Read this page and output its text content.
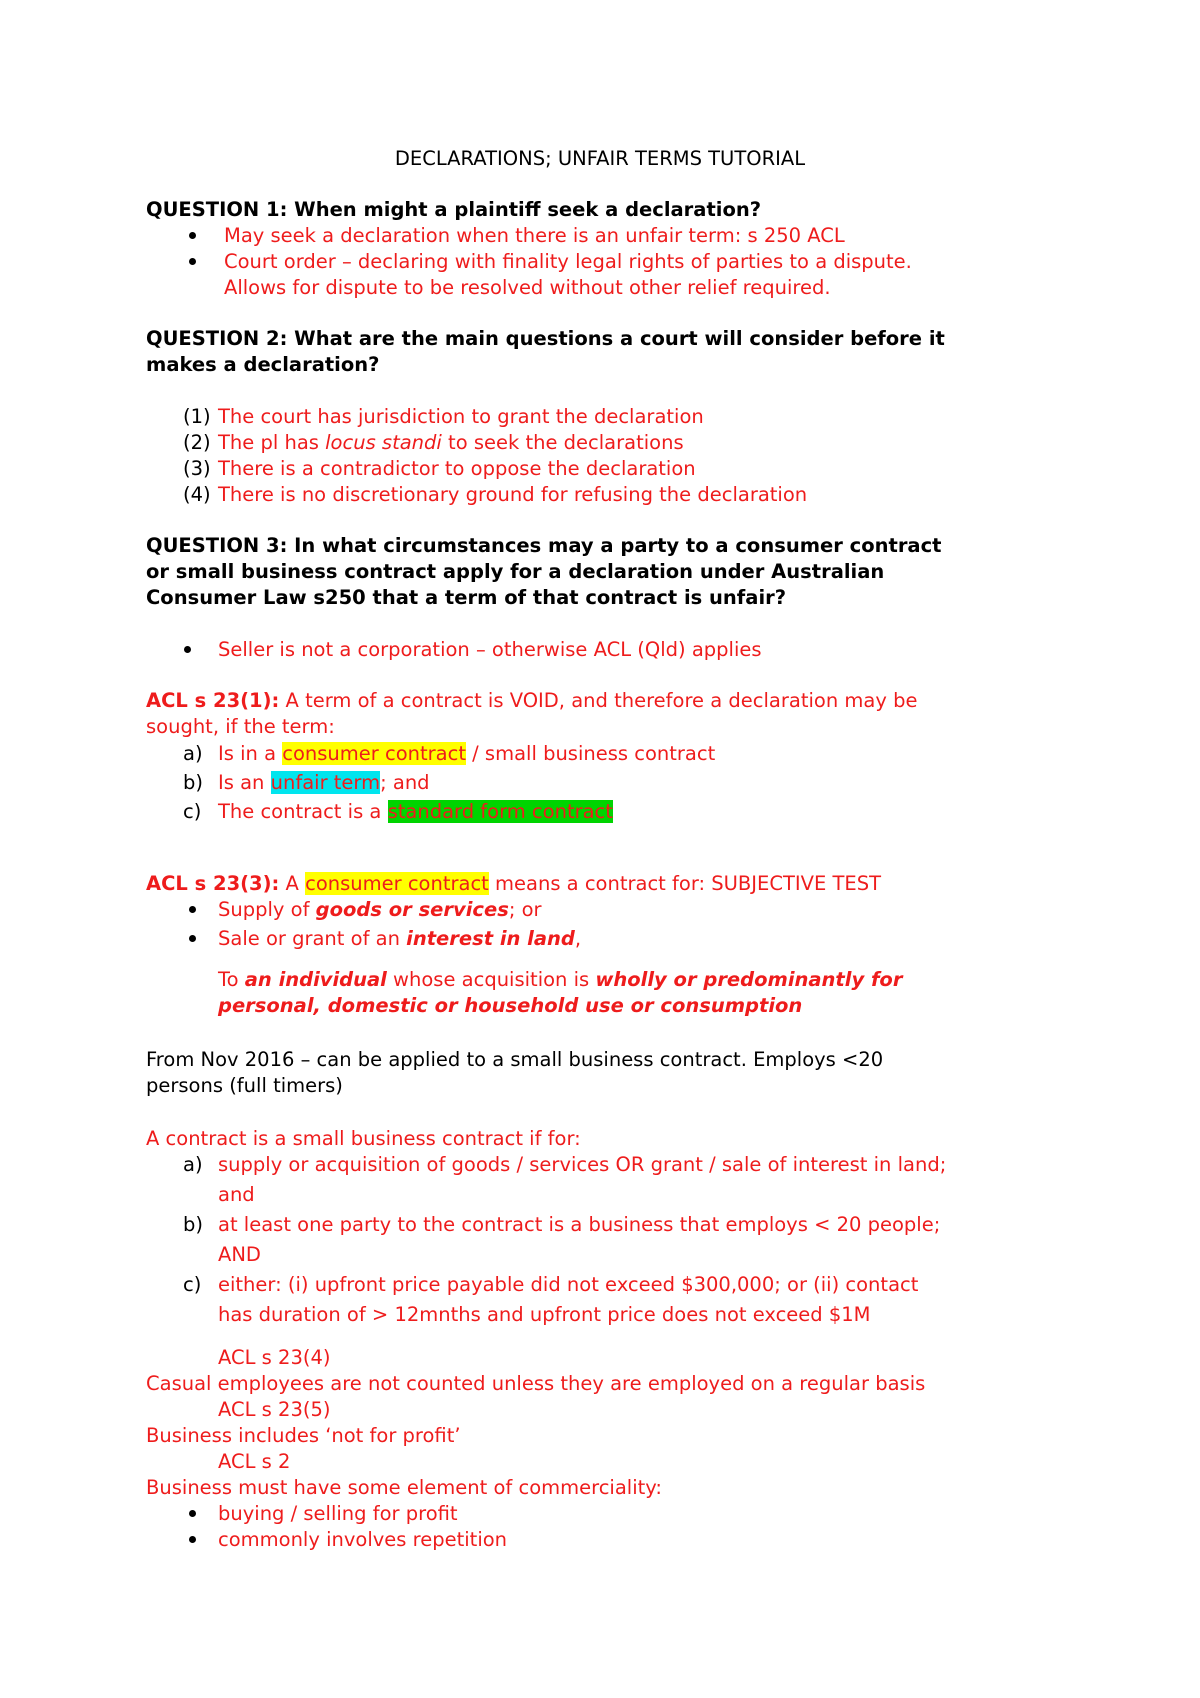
DECLARATIONS; UNFAIR TERMS TUTORIAL
QUESTION 1: When might a plaintiff seek a declaration?
May seek a declaration when there is an unfair term: s 250 ACL
Court order – declaring with finality legal rights of parties to a dispute.
Allows for dispute to be resolved without other relief required.
QUESTION 2: What are the main questions a court will consider before it
makes a declaration?
(1) The court has jurisdiction to grant the declaration
(2) The pl has locus standi to seek the declarations
(3) There is a contradictor to oppose the declaration
(4) There is no discretionary ground for refusing the declaration
QUESTION 3: In what circumstances may a party to a consumer contract
or small business contract apply for a declaration under Australian
Consumer Law s250 that a term of that contract is unfair?
Seller is not a corporation – otherwise ACL (Qld) applies
ACL s 23(1): A term of a contract is VOID, and therefore a declaration may be
sought, if the term:
a) Is in a consumer contract / small business contract
b) Is an unfair term; and
c) The contract is a standard form contract
ACL s 23(3): A consumer contract means a contract for: SUBJECTIVE TEST
Supply of goods or services; or
Sale or grant of an interest in land,
To an individual whose acquisition is wholly or predominantly for
personal, domestic or household use or consumption
From Nov 2016 – can be applied to a small business contract. Employs <20
persons (full timers)
A contract is a small business contract if for:
a) supply or acquisition of goods / services OR grant / sale of interest in land;
and
b) at least one party to the contract is a business that employs < 20 people;
AND
c) either: (i) upfront price payable did not exceed $300,000; or (ii) contact
has duration of > 12mnths and upfront price does not exceed $1M
ACL s 23(4)
Casual employees are not counted unless they are employed on a regular basis
ACL s 23(5)
Business includes ‘not for profit’
ACL s 2
Business must have some element of commerciality:
buying / selling for profit
commonly involves repetition
